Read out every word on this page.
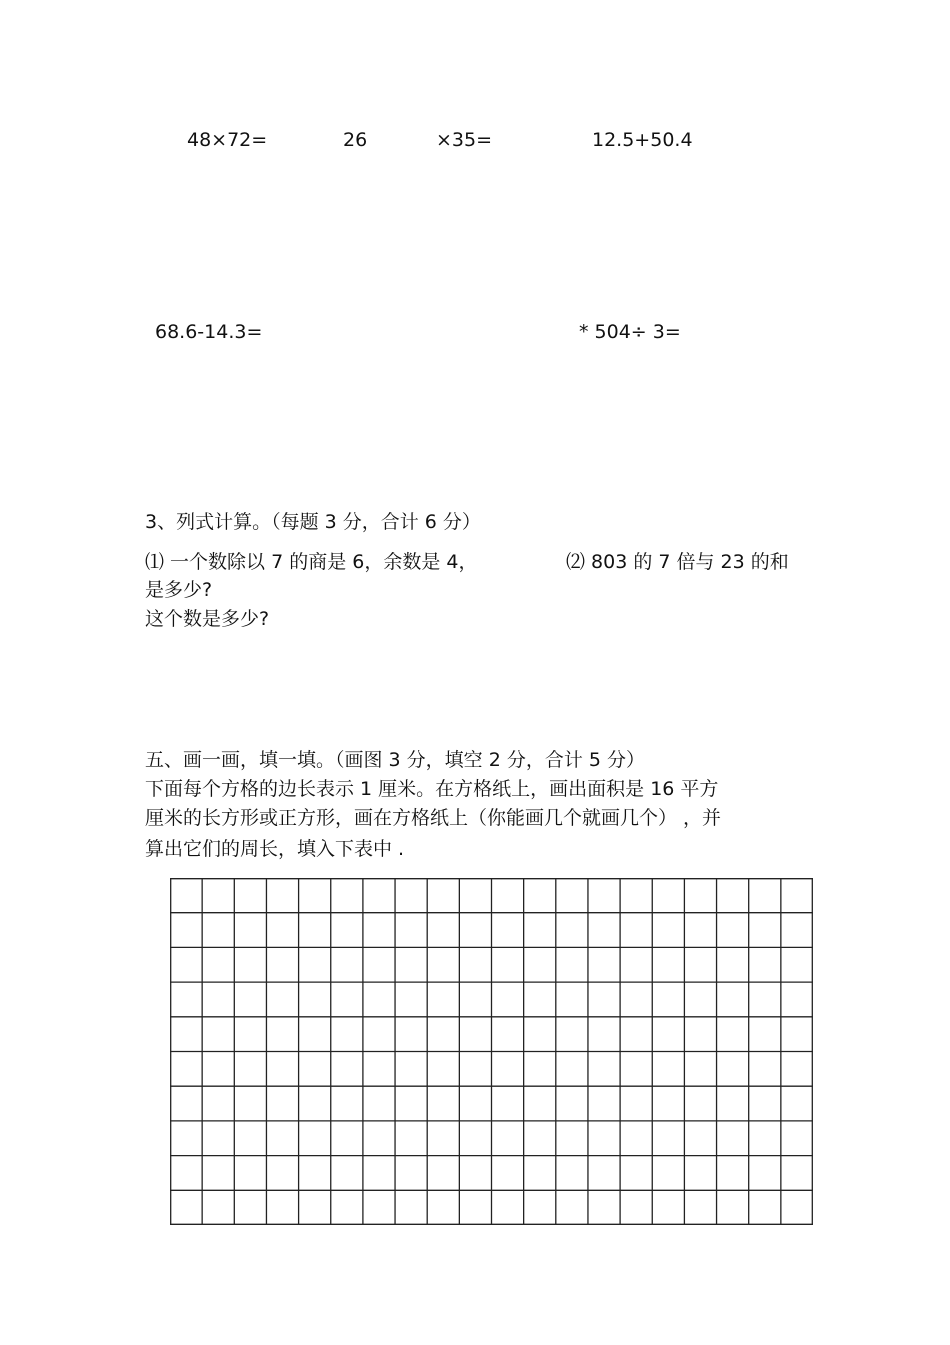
48×72=	26	×35=	12.5+50.4
68.6-14.3=	* 504÷ 3=
3、列式计算。（每题 3 分，合计 6 分）
⑴ 一个数除以 7 的商是 6，余数是 4，	⑵ 803 的 7 倍与 23 的和
是多少?
这个数是多少?
五、画一画，填一填。（画图 3 分，填空 2 分，合计 5 分）
下面每个方格的边长表示 1 厘米。在方格纸上，画出面积是 16 平方
厘米的长方形或正方形，画在方格纸上（你能画几个就画几个） ，并
算出它们的周长，填入下表中 .
